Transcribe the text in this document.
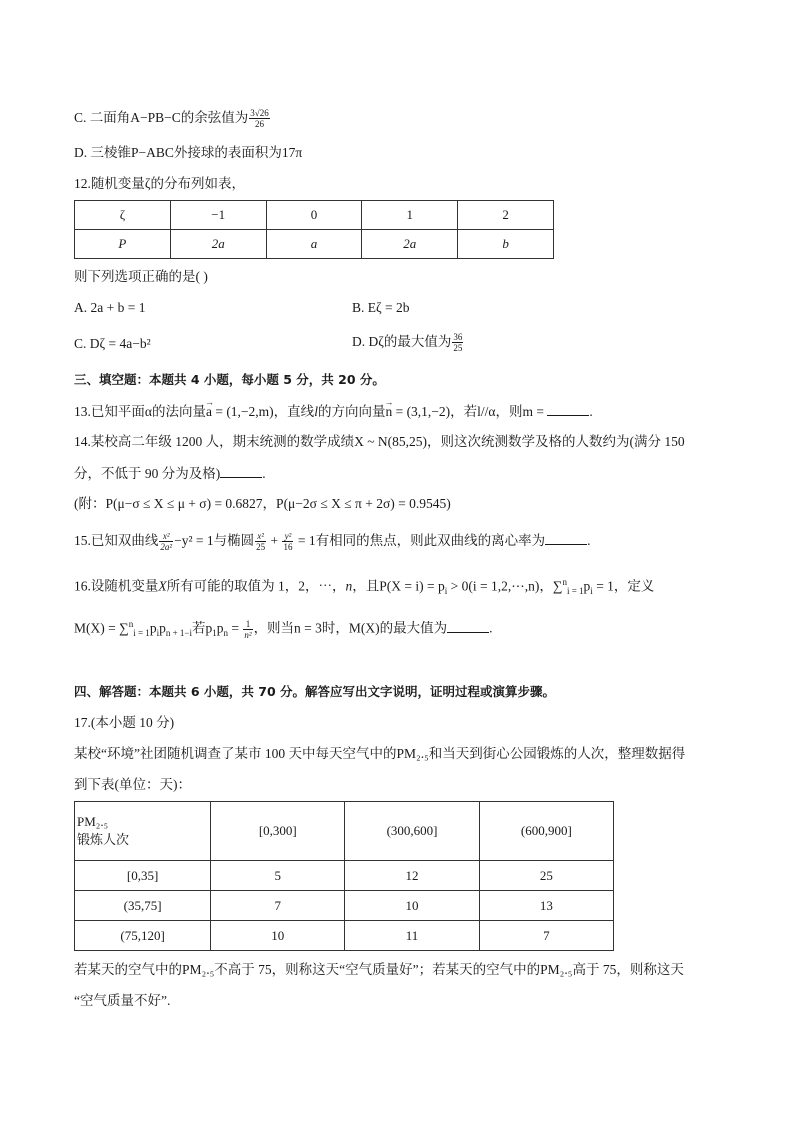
C. 二面角A−PB−C的余弦值为 $\frac{3√26}{26}$
D. 三棱锥P−ABC外接球的表面积为17π
12.随机变量ζ的分布列如表，
ζ	−1	0	1	2
P	2a	a	2a	b
则下列选项正确的是( )
A. 2a + b = 1	B. Eζ = 2b
C. Dζ = 4a−b²	D. Dζ的最大值为 $\frac{36}{25}$
三、填空题：本题共 4 小题，每小题 5 分，共 20 分。
13.已知平面α的法向量→ a = (1,−2,m)，直线l的方向向量→ n = (3,1,−2)，若l//α，则m =	.
14.某校高二年级 1200 人，期末统测的数学成绩X ~ N(85,25)，则这次统测数学及格的人数约为(满分 150
分，不低于 90 分为及格)	.
(附：P(μ−σ ≤ X ≤ μ + σ) = 0.6827，P(μ−2σ ≤ X ≤ π + 2σ) = 0.9545)
15.已知双曲线 $\frac{\text{x²}}{\text{2a²}} -y^2 = 1$与椭圆 $\frac{\text{x²}}{25} + \frac{\text{y²}}{16} = 1$有相同的焦点，则此双曲线的离心率为	.
16.设随机变量X所有可能的取值为 1，2，⋯，n，且$P(X = i) = p_i > 0(i$ = 1,2,⋯,n)，$\sum^n_{i = 1}p_i = 1$，定义
$M(X) = \sum^n_{i = 1}p_ip_{n + 1-i}$若$p_1p_n = \frac{1}{\text{n²}}$ ，则当n = 3时，M(X)的最大值为	.
四、解答题：本题共 6 小题，共 70 分。解答应写出文字说明，证明过程或演算步骤。
17.(本小题 10 分)
某校“环境”社团随机调查了某市 100 天中每天空气中的PM₂.₅和当天到街心公园锻炼的人次，整理数据得
到下表(单位：天)：
PM₂.₅
锻炼人次	[0,300]	(300,600]	(600,900]
[0,35]	5	12	25
(35,75]	7	10	13
(75,120]	10	11	7
若某天的空气中的PM₂.₅不高于 75，则称这天“空气质量好”；若某天的空气中的PM₂.₅高于 75，则称这天
“空气质量不好”.
